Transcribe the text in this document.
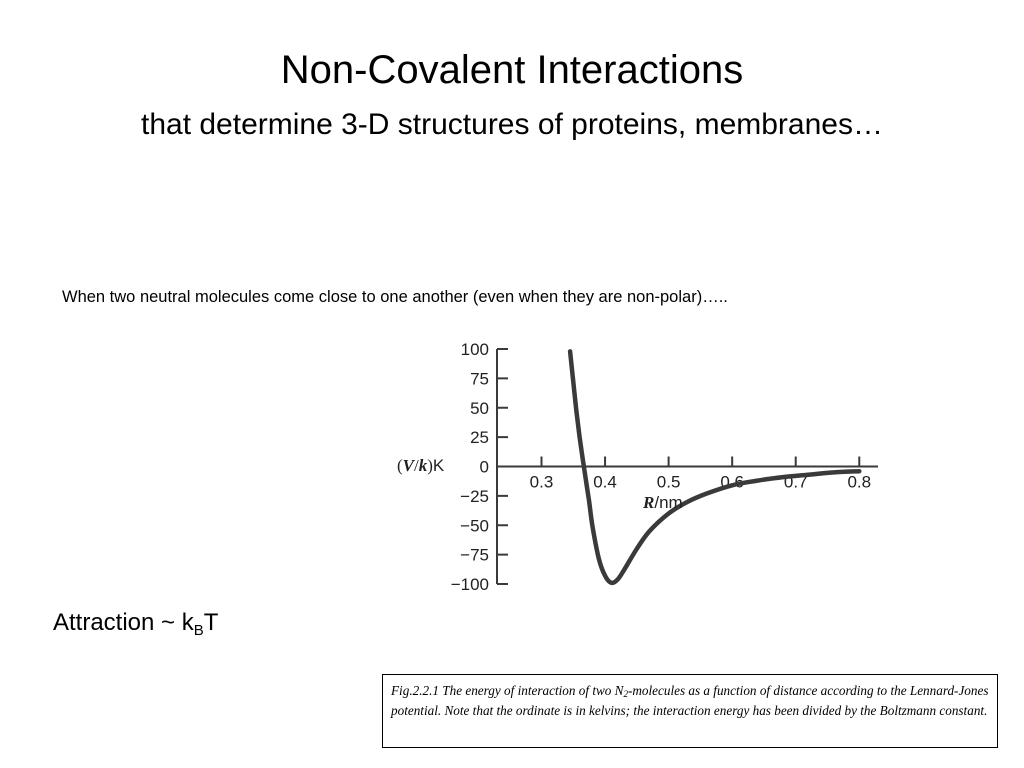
Non-Covalent Interactions
that determine 3-D structures of proteins, membranes…
When two neutral molecules come close to one another (even when they are non-polar)…..
100
75
50
25
0
−25
−50
−75
−100
0.3 0.4 0.5 0.6 0.7 0.8
(V/k)K
R/nm
Attraction ~ $k_BT$
Fig.2.2.1 The energy of interaction of two $N_2$-molecules as a function of distance according to the Lennard-Jones potential. Note that the ordinate is in kelvins; the interaction energy has been divided by the Boltzmann constant.
